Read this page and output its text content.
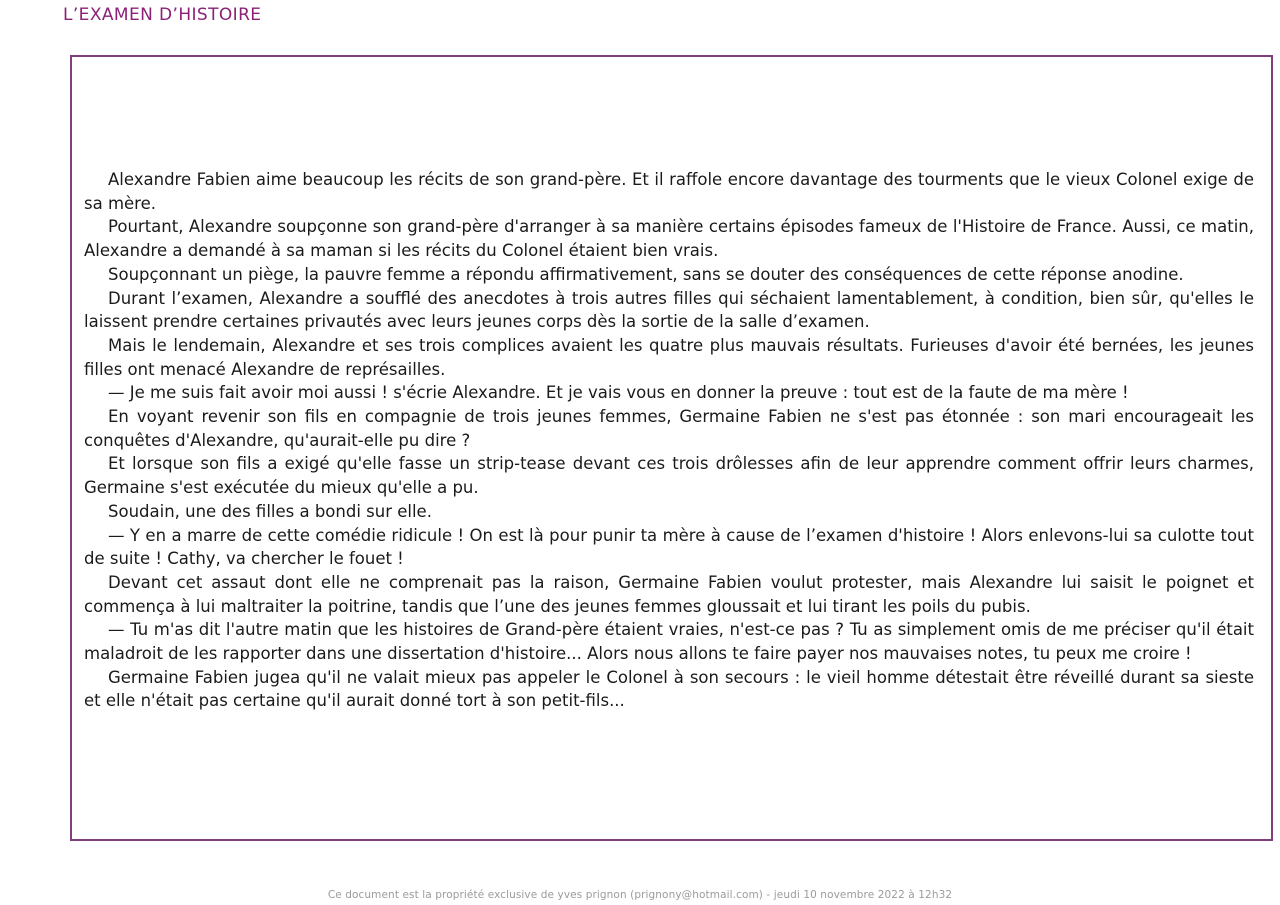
L’EXAMEN D’HISTOIRE

Alexandre Fabien aime beaucoup les récits de son grand-père. Et il raffole encore davantage des tourments que le vieux Colonel exige de sa mère.

Pourtant, Alexandre soupçonne son grand-père d'arranger à sa manière certains épisodes fameux de l'Histoire de France. Aussi, ce matin, Alexandre a demandé à sa maman si les récits du Colonel étaient bien vrais.

Soupçonnant un piège, la pauvre femme a répondu affirmativement, sans se douter des conséquences de cette réponse anodine.

Durant l’examen, Alexandre a soufflé des anecdotes à trois autres filles qui séchaient lamentablement, à condition, bien sûr, qu'elles le laissent prendre certaines privautés avec leurs jeunes corps dès la sortie de la salle d’examen.

Mais le lendemain, Alexandre et ses trois complices avaient les quatre plus mauvais résultats. Furieuses d'avoir été bernées, les jeunes filles ont menacé Alexandre de représailles.

— Je me suis fait avoir moi aussi ! s'écrie Alexandre. Et je vais vous en donner la preuve : tout est de la faute de ma mère !

En voyant revenir son fils en compagnie de trois jeunes femmes, Germaine Fabien ne s'est pas étonnée : son mari encourageait les conquêtes d'Alexandre, qu'aurait-elle pu dire ?

Et lorsque son fils a exigé qu'elle fasse un strip-tease devant ces trois drôlesses afin de leur apprendre comment offrir leurs charmes, Germaine s'est exécutée du mieux qu'elle a pu.

Soudain, une des filles a bondi sur elle.

— Y en a marre de cette comédie ridicule ! On est là pour punir ta mère à cause de l’examen d'histoire ! Alors enlevons-lui sa culotte tout de suite ! Cathy, va chercher le fouet !

Devant cet assaut dont elle ne comprenait pas la raison, Germaine Fabien voulut protester, mais Alexandre lui saisit le poignet et commença à lui maltraiter la poitrine, tandis que l’une des jeunes femmes gloussait et lui tirant les poils du pubis.

— Tu m'as dit l'autre matin que les histoires de Grand-père étaient vraies, n'est-ce pas ? Tu as simplement omis de me préciser qu'il était maladroit de les rapporter dans une dissertation d'histoire... Alors nous allons te faire payer nos mauvaises notes, tu peux me croire !

Germaine Fabien jugea qu'il ne valait mieux pas appeler le Colonel à son secours : le vieil homme détestait être réveillé durant sa sieste et elle n'était pas certaine qu'il aurait donné tort à son petit-fils...

Ce document est la propriété exclusive de yves prignon (prignony@hotmail.com) - jeudi 10 novembre 2022 à 12h32
